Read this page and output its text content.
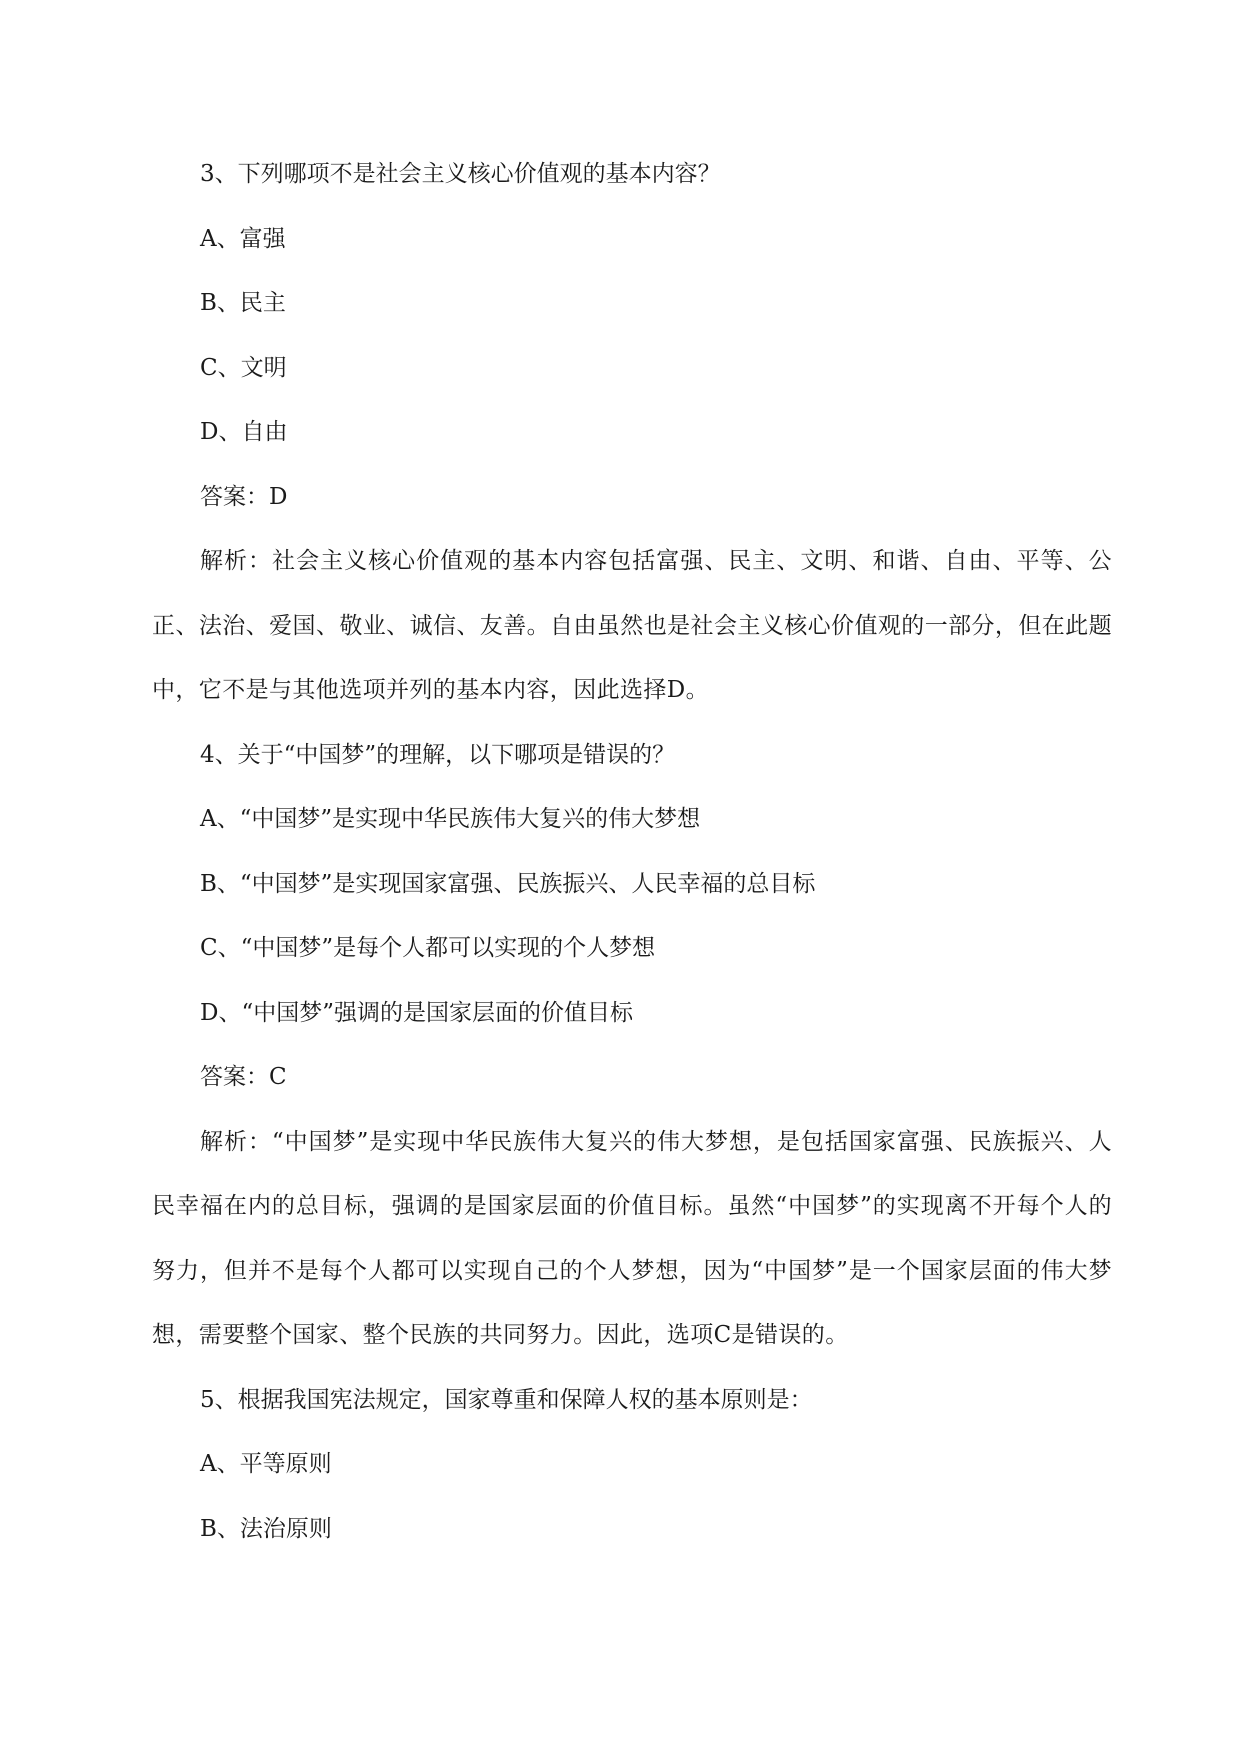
3、下列哪项不是社会主义核心价值观的基本内容？
A、富强
B、民主
C、文明
D、自由
答案：D

解析：社会主义核心价值观的基本内容包括富强、民主、文明、和谐、自由、平等、公正、法治、爱国、敬业、诚信、友善。自由虽然也是社会主义核心价值观的一部分，但在此题中，它不是与其他选项并列的基本内容，因此选择D。

4、关于“中国梦”的理解，以下哪项是错误的？
A、“中国梦”是实现中华民族伟大复兴的伟大梦想
B、“中国梦”是实现国家富强、民族振兴、人民幸福的总目标
C、“中国梦”是每个人都可以实现的个人梦想
D、“中国梦”强调的是国家层面的价值目标
答案：C

解析：“中国梦”是实现中华民族伟大复兴的伟大梦想，是包括国家富强、民族振兴、人民幸福在内的总目标，强调的是国家层面的价值目标。虽然“中国梦”的实现离不开每个人的努力，但并不是每个人都可以实现自己的个人梦想，因为“中国梦”是一个国家层面的伟大梦想，需要整个国家、整个民族的共同努力。因此，选项C是错误的。

5、根据我国宪法规定，国家尊重和保障人权的基本原则是：
A、平等原则
B、法治原则
